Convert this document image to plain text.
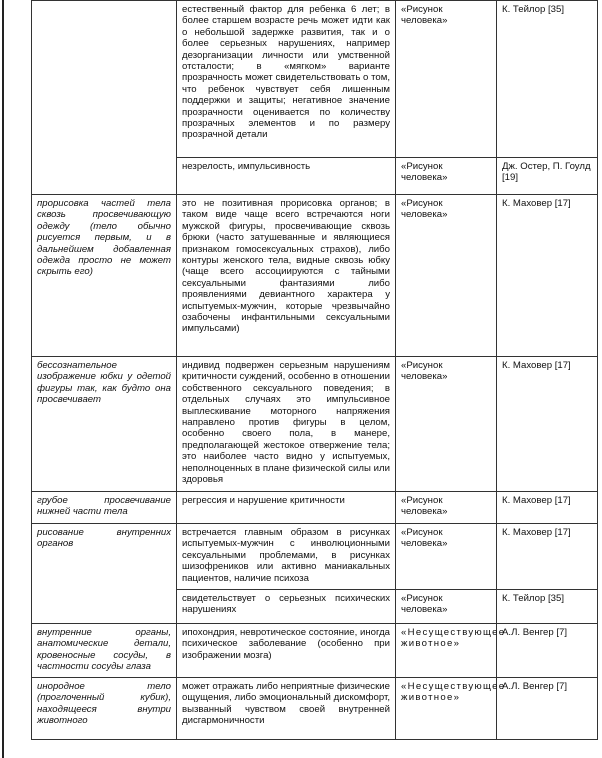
	естественный фактор для ребенка 6 лет; в более старшем возрасте речь может идти как о небольшой задержке развития, так и о более серьезных нарушениях, например дезорганизации личности или умственной отсталости; в «мягком» варианте прозрачность может свидетельствовать о том, что ребенок чувствует себя лишенным поддержки и защиты; негативное значение прозрачности оценивается по количеству прозрачных элементов и по размеру прозрачной детали	«Рисунок человека»	К. Тейлор [35]
	незрелость, импульсивность	«Рисунок человека»	Дж. Остер, П. Гоулд [19]
прорисовка частей тела сквозь просвечивающую одежду (тело обычно рисуется первым, и в дальнейшем добавленная одежда просто не может скрыть его)	это не позитивная прорисовка органов; в таком виде чаще всего встречаются ноги мужской фигуры, просвечивающие сквозь брюки (часто затушеванные и являющиеся признаком гомосексуальных страхов), либо контуры женского тела, видные сквозь юбку (чаще всего ассоциируются с тайными сексуальными фантазиями либо проявлениями девиантного характера у испытуемых-мужчин, которые чрезвычайно озабочены инфантильными сексуальными импульсами)	«Рисунок человека»	К. Маховер [17]
бессознательное изображение юбки у одетой фигуры так, как будто она просвечивает	индивид подвержен серьезным нарушениям критичности суждений, особенно в отношении собственного сексуального поведения; в отдельных случаях это импульсивное выплескивание моторного напряжения направлено против фигуры в целом, особенно своего пола, в манере, предполагающей жестокое отвержение тела; это наиболее часто видно у испытуемых, неполноценных в плане физической силы или здоровья	«Рисунок человека»	К. Маховер [17]
грубое просвечивание нижней части тела	регрессия и нарушение критичности	«Рисунок человека»	К. Маховер [17]
рисование внутренних органов	встречается главным образом в рисунках испытуемых-мужчин с инволюционными сексуальными проблемами, в рисунках шизофреников или активно маниакальных пациентов, наличие психоза	«Рисунок человека»	К. Маховер [17]
	свидетельствует о серьезных психических нарушениях	«Рисунок человека»	К. Тейлор [35]
внутренние органы, анатомические детали, кровеносные сосуды, в частности сосуды глаза	ипохондрия, невротическое состояние, иногда психическое заболевание (особенно при изображении мозга)	«Несуществующее животное»	А.Л. Венгер [7]
инородное тело (проглоченный кубик), находящееся внутри животного	может отражать либо неприятные физические ощущения, либо эмоциональный дискомфорт, вызванный чувством своей внутренней дисгармоничности	«Несуществующее животное»	А.Л. Венгер [7]
